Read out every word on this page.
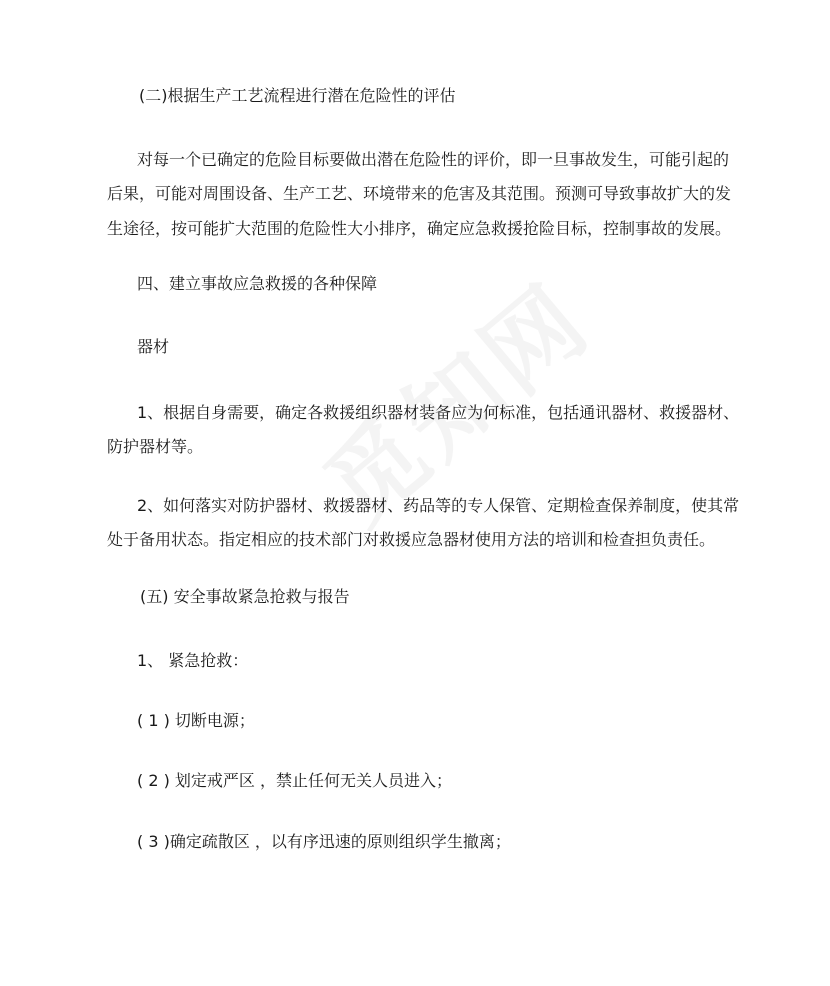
(二)根据生产工艺流程进行潜在危险性的评估

对每一个已确定的危险目标要做出潜在危险性的评价，即一旦事故发生，可能引起的

后果，可能对周围设备、生产工艺、环境带来的危害及其范围。预测可导致事故扩大的发

生途径，按可能扩大范围的危险性大小排序，确定应急救援抢险目标，控制事故的发展。

四、建立事故应急救援的各种保障

器材

1、根据自身需要，确定各救援组织器材装备应为何标准，包括通讯器材、救援器材、

防护器材等。

2、如何落实对防护器材、救援器材、药品等的专人保管、定期检查保养制度，使其常

处于备用状态。指定相应的技术部门对救援应急器材使用方法的培训和检查担负责任。

(五) 安全事故紧急抢救与报告

1、 紧急抢救：

( 1 ) 切断电源；

( 2 ) 划定戒严区 ，禁止任何无关人员进入；

( 3 )确定疏散区 ，以有序迅速的原则组织学生撤离；
